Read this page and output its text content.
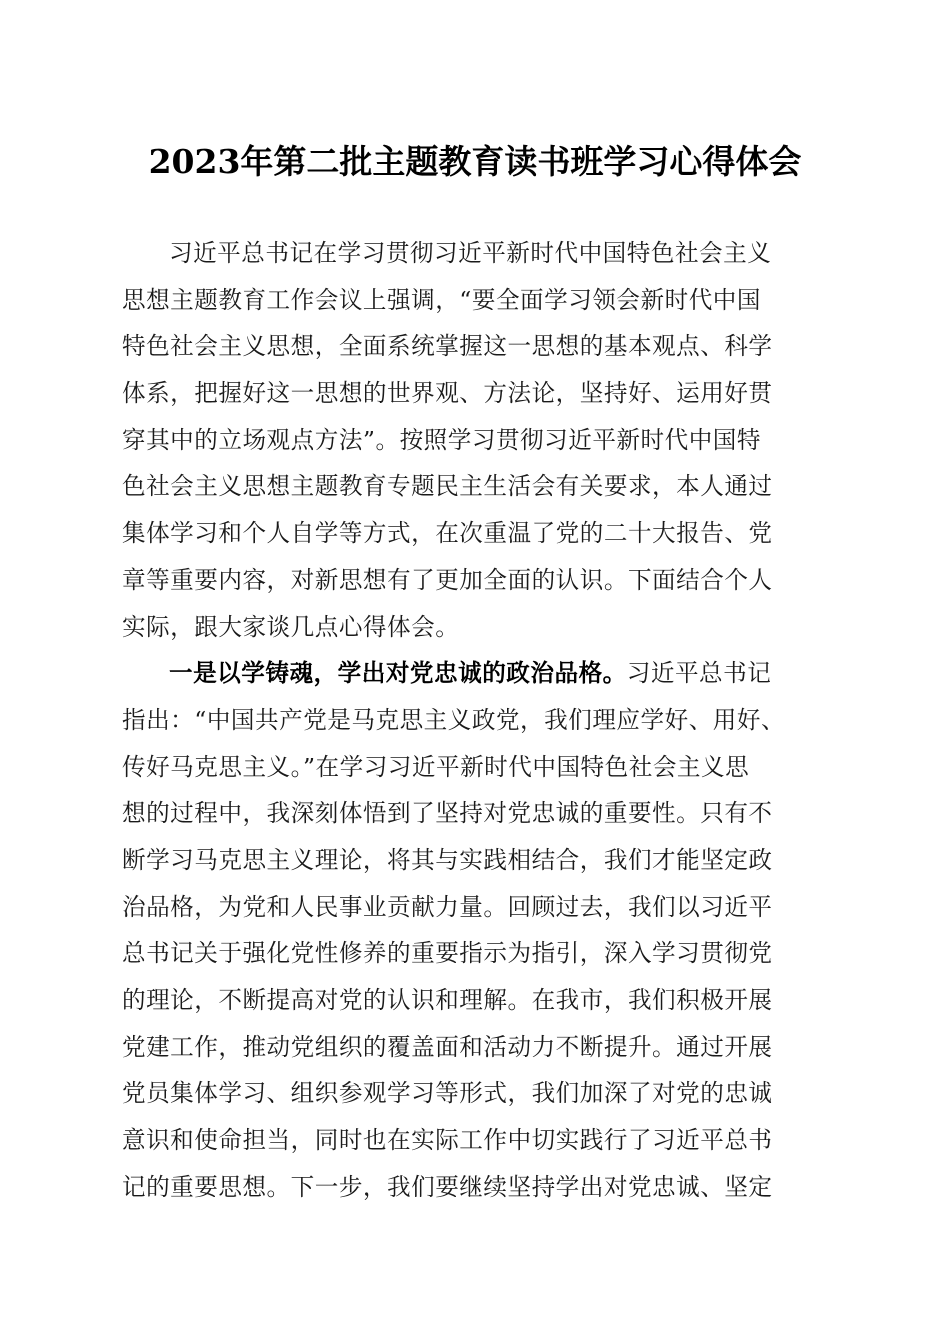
2023年第二批主题教育读书班学习心得体会
习近平总书记在学习贯彻习近平新时代中国特色社会主义
思想主题教育工作会议上强调，“要全面学习领会新时代中国
特色社会主义思想，全面系统掌握这一思想的基本观点、科学
体系，把握好这一思想的世界观、方法论，坚持好、运用好贯
穿其中的立场观点方法”。按照学习贯彻习近平新时代中国特
色社会主义思想主题教育专题民主生活会有关要求，本人通过
集体学习和个人自学等方式，在次重温了党的二十大报告、党
章等重要内容，对新思想有了更加全面的认识。下面结合个人
实际，跟大家谈几点心得体会。
一是以学铸魂，学出对党忠诚的政治品格。习近平总书记
指出：“中国共产党是马克思主义政党，我们理应学好、用好、
传好马克思主义。”在学习习近平新时代中国特色社会主义思
想的过程中，我深刻体悟到了坚持对党忠诚的重要性。只有不
断学习马克思主义理论，将其与实践相结合，我们才能坚定政
治品格，为党和人民事业贡献力量。回顾过去，我们以习近平
总书记关于强化党性修养的重要指示为指引，深入学习贯彻党
的理论，不断提高对党的认识和理解。在我市，我们积极开展
党建工作，推动党组织的覆盖面和活动力不断提升。通过开展
党员集体学习、组织参观学习等形式，我们加深了对党的忠诚
意识和使命担当，同时也在实际工作中切实践行了习近平总书
记的重要思想。下一步，我们要继续坚持学出对党忠诚、坚定
